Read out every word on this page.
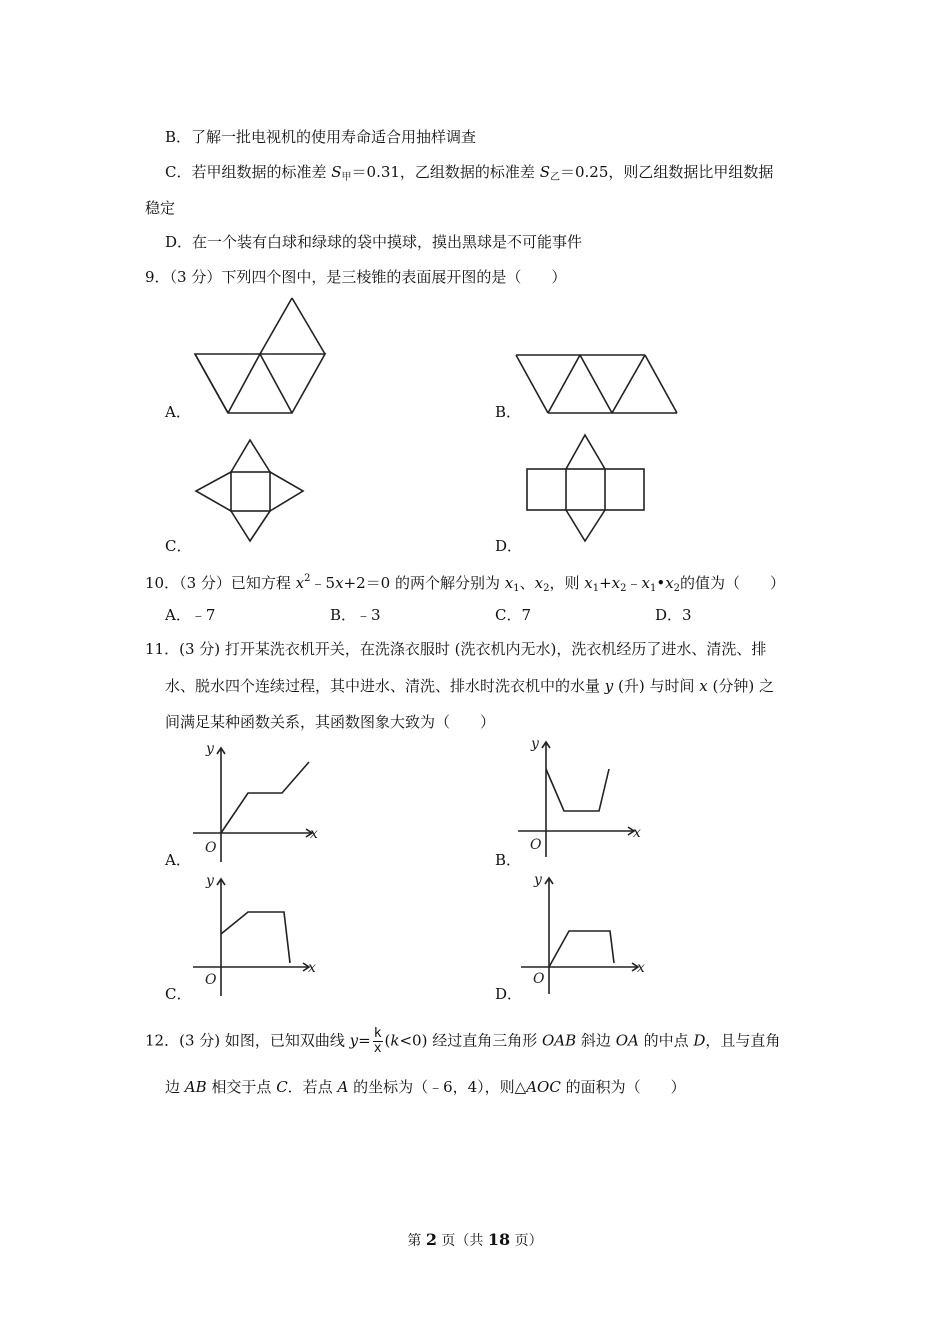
B．了解一批电视机的使用寿命适合用抽样调查
C．若甲组数据的标准差 $S_甲=0.31$，乙组数据的标准差 $S_乙=0.25$，则乙组数据比甲组数据
稳定
D．在一个装有白球和绿球的袋中摸球，摸出黑球是不可能事件
9．（3 分）下列四个图中，是三棱锥的表面展开图的是（　　）
A．	B．
C．	D．
10．（3 分）已知方程 $x^2﹣5x+2=0$ 的两个解分别为 $x_1$、$x_2$，则 $x_1+x_2﹣x_1•x_2$的值为（　　）
A．﹣7	B．﹣3	C．7	D．3
11．(3 分) 打开某洗衣机开关，在洗涤衣服时 (洗衣机内无水)，洗衣机经历了进水、清洗、排
水、脱水四个连续过程，其中进水、清洗、排水时洗衣机中的水量 y (升) 与时间 x (分钟) 之
间满足某种函数关系，其函数图象大致为（　　）
y
x
O
A．
y
x
O
B．
y
x
O
C．
y
x
O
D．
12．(3 分) 如图，已知双曲线 $y= \frac{k}{x} (k<0)$ 经过直角三角形 OAB 斜边 OA 的中点 D，且与直角
边 AB 相交于点 C．若点 A 的坐标为（﹣6，4），则△AOC 的面积为（　　）
第 2 页（共 18 页）
